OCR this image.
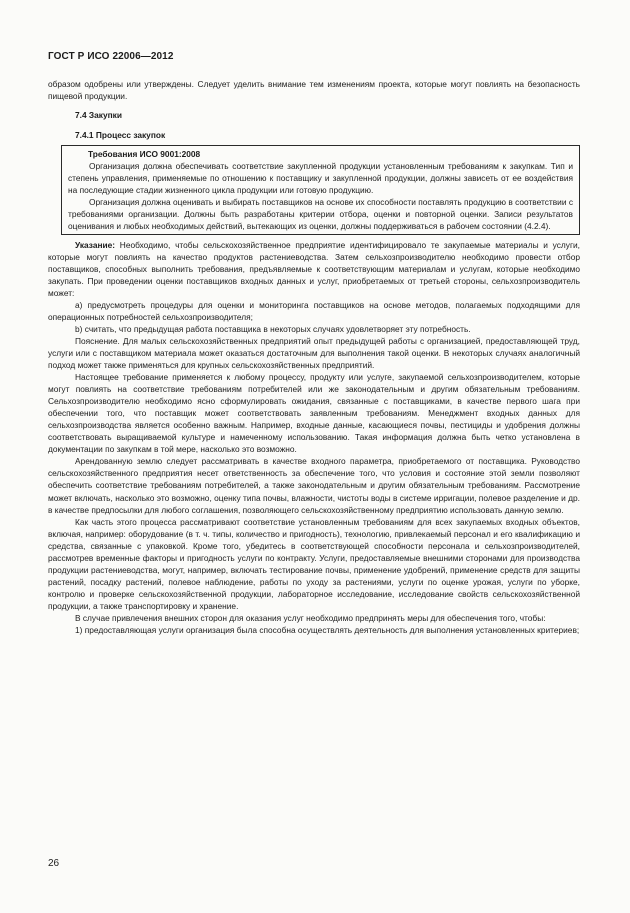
ГОСТ Р ИСО 22006—2012

образом одобрены или утверждены. Следует уделить внимание тем изменениям проекта, которые могут повлиять на безопасность пищевой продукции.

7.4 Закупки

7.4.1 Процесс закупок

Требования ИСО 9001:2008

Организация должна обеспечивать соответствие закупленной продукции установленным требованиям к закупкам. Тип и степень управления, применяемые по отношению к поставщику и закупленной продукции, должны зависеть от ее воздействия на последующие стадии жизненного цикла продукции или готовую продукцию.

Организация должна оценивать и выбирать поставщиков на основе их способности поставлять продукцию в соответствии с требованиями организации. Должны быть разработаны критерии отбора, оценки и повторной оценки. Записи результатов оценивания и любых необходимых действий, вытекающих из оценки, должны поддерживаться в рабочем состоянии (4.2.4).

Указание: Необходимо, чтобы сельскохозяйственное предприятие идентифицировало те закупаемые материалы и услуги, которые могут повлиять на качество продуктов растениеводства. Затем сельхозпроизводителю необходимо провести отбор поставщиков, способных выполнить требования, предъявляемые к соответствующим материалам и услугам, которые необходимо закупать. При проведении оценки поставщиков входных данных и услуг, приобретаемых от третьей стороны, сельхозпроизводитель может:

a) предусмотреть процедуры для оценки и мониторинга поставщиков на основе методов, полагаемых подходящими для операционных потребностей сельхозпроизводителя;

b) считать, что предыдущая работа поставщика в некоторых случаях удовлетворяет эту потребность.

Пояснение. Для малых сельскохозяйственных предприятий опыт предыдущей работы с организацией, предоставляющей труд, услуги или с поставщиком материала может оказаться достаточным для выполнения такой оценки. В некоторых случаях аналогичный подход может также применяться для крупных сельскохозяйственных предприятий.

Настоящее требование применяется к любому процессу, продукту или услуге, закупаемой сельхозпроизводителем, которые могут повлиять на соответствие требованиям потребителей или же законодательным и другим обязательным требованиям. Сельхозпроизводителю необходимо ясно сформулировать ожидания, связанные с поставщиками, в качестве первого шага при обеспечении того, что поставщик может соответствовать заявленным требованиям. Менеджмент входных данных для сельхозпроизводства является особенно важным. Например, входные данные, касающиеся почвы, пестициды и удобрения должны соответствовать выращиваемой культуре и намеченному использованию. Такая информация должна быть четко установлена в документации по закупкам в той мере, насколько это возможно.

Арендованную землю следует рассматривать в качестве входного параметра, приобретаемого от поставщика. Руководство сельскохозяйственного предприятия несет ответственность за обеспечение того, что условия и состояние этой земли позволяют обеспечить соответствие требованиям потребителей, а также законодательным и другим обязательным требованиям. Рассмотрение может включать, насколько это возможно, оценку типа почвы, влажности, чистоты воды в системе ирригации, полевое разделение и др. в качестве предпосылки для любого соглашения, позволяющего сельскохозяйственному предприятию использовать данную землю.

Как часть этого процесса рассматривают соответствие установленным требованиям для всех закупаемых входных объектов, включая, например: оборудование (в т. ч. типы, количество и пригодность), технологию, привлекаемый персонал и его квалификацию и средства, связанные с упаковкой. Кроме того, убедитесь в соответствующей способности персонала и сельхозпроизводителей, рассмотрев временные факторы и пригодность услуги по контракту. Услуги, предоставляемые внешними сторонами для производства продукции растениеводства, могут, например, включать тестирование почвы, применение удобрений, применение средств для защиты растений, посадку растений, полевое наблюдение, работы по уходу за растениями, услуги по оценке урожая, услуги по уборке, контролю и проверке сельскохозяйственной продукции, лабораторное исследование, исследование свойств сельскохозяйственной продукции, а также транспортировку и хранение.

В случае привлечения внешних сторон для оказания услуг необходимо предпринять меры для обеспечения того, чтобы:

1) предоставляющая услуги организация была способна осуществлять деятельность для выполнения установленных критериев;

26
